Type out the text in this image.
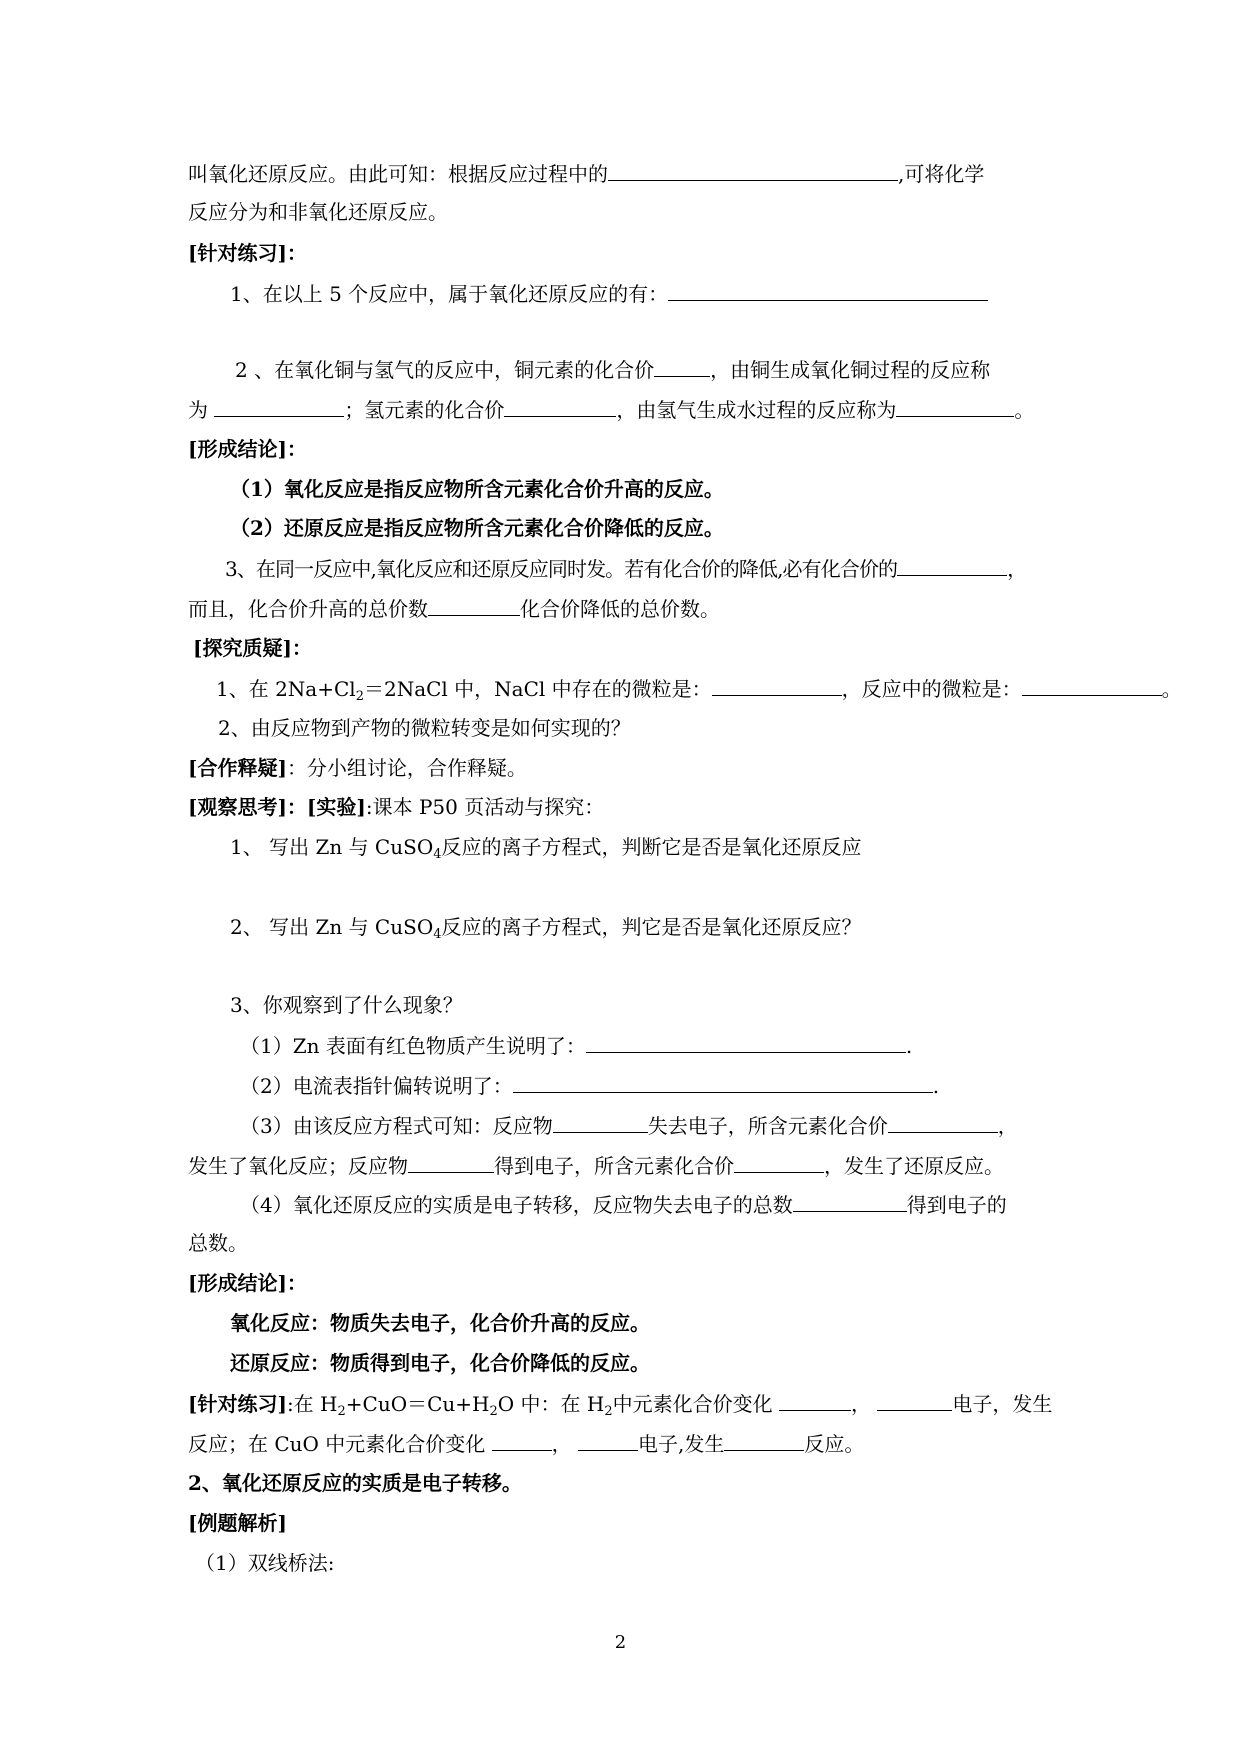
叫氧化还原反应。由此可知：根据反应过程中的	,可将化学
反应分为和非氧化还原反应。
[针对练习]：
1、在以上 5 个反应中，属于氧化还原反应的有：
2 、在氧化铜与氢气的反应中，铜元素的化合价	，由铜生成氧化铜过程的反应称
为	；氢元素的化合价	，由氢气生成水过程的反应称为	。
[形成结论]：
（1）氧化反应是指反应物所含元素化合价升高的反应。
（2）还原反应是指反应物所含元素化合价降低的反应。
3、在同一反应中,氧化反应和还原反应同时发。若有化合价的降低,必有化合价的	，
而且，化合价升高的总价数	化合价降低的总价数。
[探究质疑]：
1、在 $2Na+Cl_2=2NaCl$ 中，NaCl 中存在的微粒是：	，反应中的微粒是：	。
2、由反应物到产物的微粒转变是如何实现的？
[合作释疑]：分小组讨论，合作释疑。
[观察思考]：[实验]:课本 P50 页活动与探究：
1、 写出 Zn 与 CuSO$_4$反应的离子方程式，判断它是否是氧化还原反应
2、 写出 Zn 与 CuSO$_4$反应的离子方程式，判它是否是氧化还原反应？
3、你观察到了什么现象？
（1）Zn 表面有红色物质产生说明了：	.
（2）电流表指针偏转说明了：	.
（3）由该反应方程式可知：反应物	失去电子，所含元素化合价	，
发生了氧化反应；反应物	得到电子，所含元素化合价	，发生了还原反应。
（4）氧化还原反应的实质是电子转移，反应物失去电子的总数	得到电子的
总数。
[形成结论]：
氧化反应：物质失去电子，化合价升高的反应。
还原反应：物质得到电子，化合价降低的反应。
[针对练习]:在 $H_2+CuO=Cu+H_2O$ 中：在 $H_2$中元素化合价变化	，	电子，发生
反应；在 CuO 中元素化合价变化	，	电子,发生	反应。
2、氧化还原反应的实质是电子转移。
[例题解析]
（1）双线桥法:
2
